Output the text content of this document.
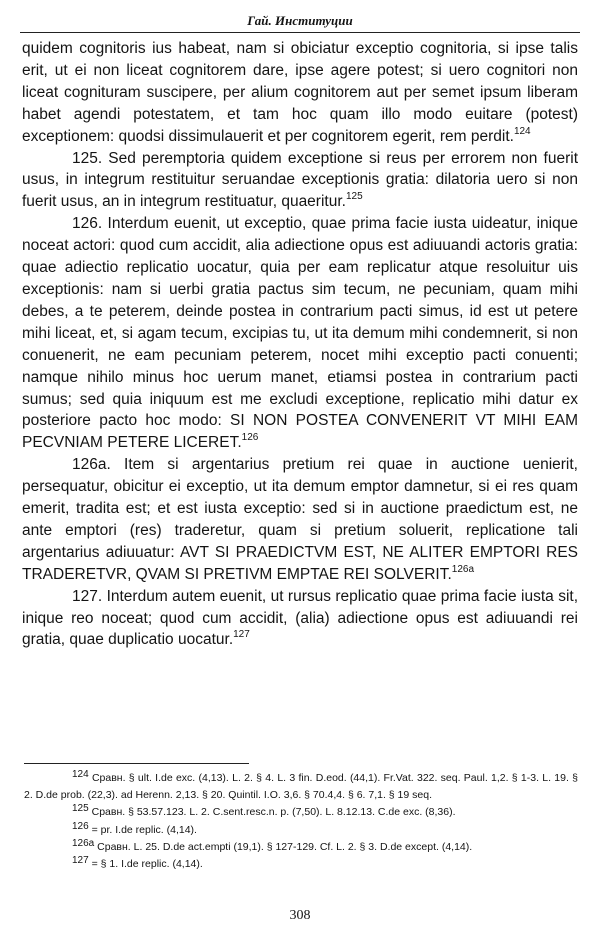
Гай. Институции

quidem cognitoris ius habeat, nam si obiciatur exceptio cognitoria, si ipse talis erit, ut ei non liceat cognitorem dare, ipse agere potest; si uero cognitori non liceat cognituram suscipere, per alium cognitorem aut per semet ipsum liberam habet agendi potestatem, et tam hoc quam illo modo euitare (potest) exceptionem: quodsi dissimulauerit et per cognitorem egerit, rem perdit.$^{124}$

125. Sed peremptoria quidem exceptione si reus per errorem non fuerit usus, in integrum restituitur seruandae exceptionis gratia: dilatoria uero si non fuerit usus, an in integrum restituatur, quaeritur.$^{125}$

126. Interdum euenit, ut exceptio, quae prima facie iusta uideatur, inique noceat actori: quod cum accidit, alia adiectione opus est adiuuandi actoris gratia: quae adiectio replicatio uocatur, quia per eam replicatur atque resoluitur uis exceptionis: nam si uerbi gratia pactus sim tecum, ne pecuniam, quam mihi debes, a te peterem, deinde postea in contrarium pacti simus, id est ut petere mihi liceat, et, si agam tecum, excipias tu, ut ita demum mihi condemnerit, si non conuenerit, ne eam pecuniam peterem, nocet mihi exceptio pacti conuenti; namque nihilo minus hoc uerum manet, etiamsi postea in contrarium pacti sumus; sed quia iniquum est me excludi exceptione, replicatio mihi datur ex posteriore pacto hoc modo: SI NON POSTEA CONVENERIT VT MIHI EAM PECVNIAM PETERE LICERET.$^{126}$

126a. Item si argentarius pretium rei quae in auctione uenierit, persequatur, obicitur ei exceptio, ut ita demum emptor damnetur, si ei res quam emerit, tradita est; et est iusta exceptio: sed si in auctione praedictum est, ne ante emptori (res) traderetur, quam si pretium soluerit, replicatione tali argentarius adiuuatur: AVT SI PRAEDICTVM EST, NE ALITER EMPTORI RES TRADERETVR, QVAM SI PRETIVM EMPTAE REI SOLVERIT.$^{126a}$

127. Interdum autem euenit, ut rursus replicatio quae prima facie iusta sit, inique reo noceat; quod cum accidit, (alia) adiectione opus est adiuuandi rei gratia, quae duplicatio uocatur.$^{127}$

$^{124}$ Сравн. § ult. I.de exc. (4,13). L. 2. § 4. L. 3 fin. D.eod. (44,1). Fr.Vat. 322. seq. Paul. 1,2. § 1-3. L. 19. § 2. D.de prob. (22,3). ad Herenn. 2,13. § 20. Quintil. I.O. 3,6. § 70.4,4. § 6. 7,1. § 19 seq.

$^{125}$ Сравн. § 53.57.123. L. 2. C.sent.resc.n. p. (7,50). L. 8.12.13. C.de exc. (8,36).

$^{126}$ = pr. I.de replic. (4,14).

$^{126a}$ Сравн. L. 25. D.de act.empti (19,1). § 127-129. Cf. L. 2. § 3. D.de except. (4,14).

$^{127}$ = § 1. I.de replic. (4,14).

308
